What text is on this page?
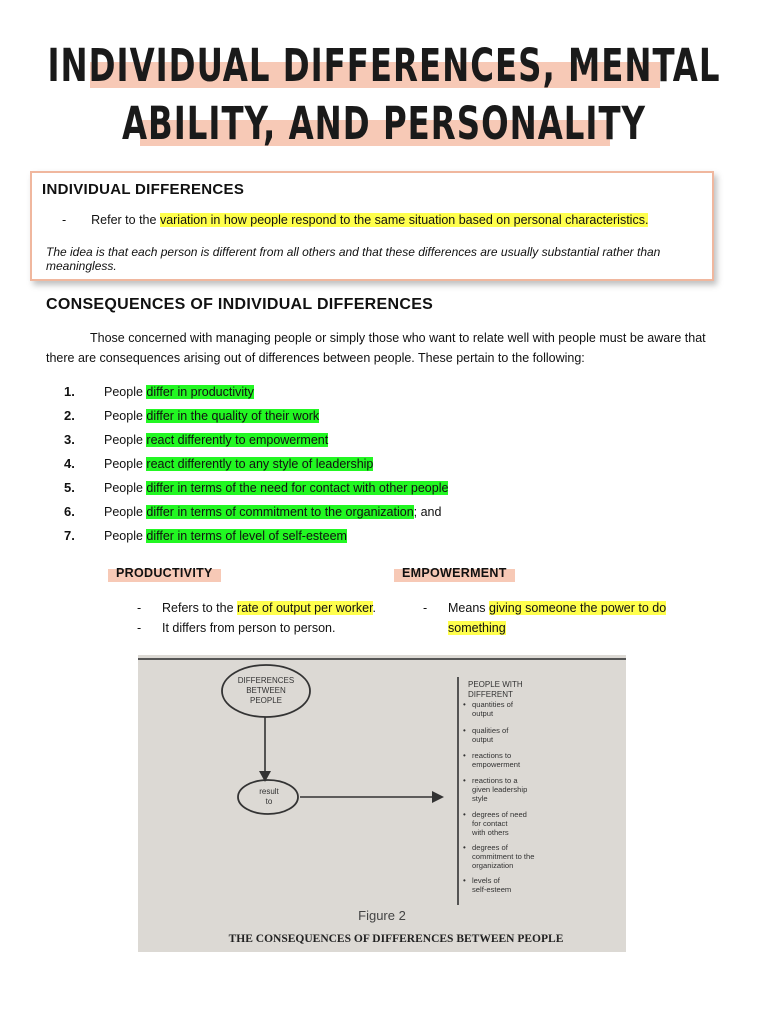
INDIVIDUAL DIFFERENCES, MENTAL
ABILITY, AND PERSONALITY
INDIVIDUAL DIFFERENCES
- Refer to the variation in how people respond to the same situation based on personal characteristics.
The idea is that each person is different from all others and that these differences are usually substantial rather than meaningless.
CONSEQUENCES OF INDIVIDUAL DIFFERENCES
Those concerned with managing people or simply those who want to relate well with people must be aware that there are consequences arising out of differences between people. These pertain to the following:
1. People differ in productivity
2. People differ in the quality of their work
3. People react differently to empowerment
4. People react differently to any style of leadership
5. People differ in terms of the need for contact with other people
6. People differ in terms of commitment to the organization; and
7. People differ in terms of level of self-esteem
PRODUCTIVITY
- Refers to the rate of output per worker.
- It differs from person to person.
EMPOWERMENT
- Means giving someone the power to do
something
DIFFERENCES
BETWEEN
PEOPLE
result
to
PEOPLE WITH
DIFFERENT
• quantities of
output
• qualities of
output
• reactions to
empowerment
• reactions to a
given leadership
style
• degrees of need
for contact
with others
• degrees of
commitment to the
organization
• levels of
self-esteem
Figure 2
THE CONSEQUENCES OF DIFFERENCES BETWEEN PEOPLE
